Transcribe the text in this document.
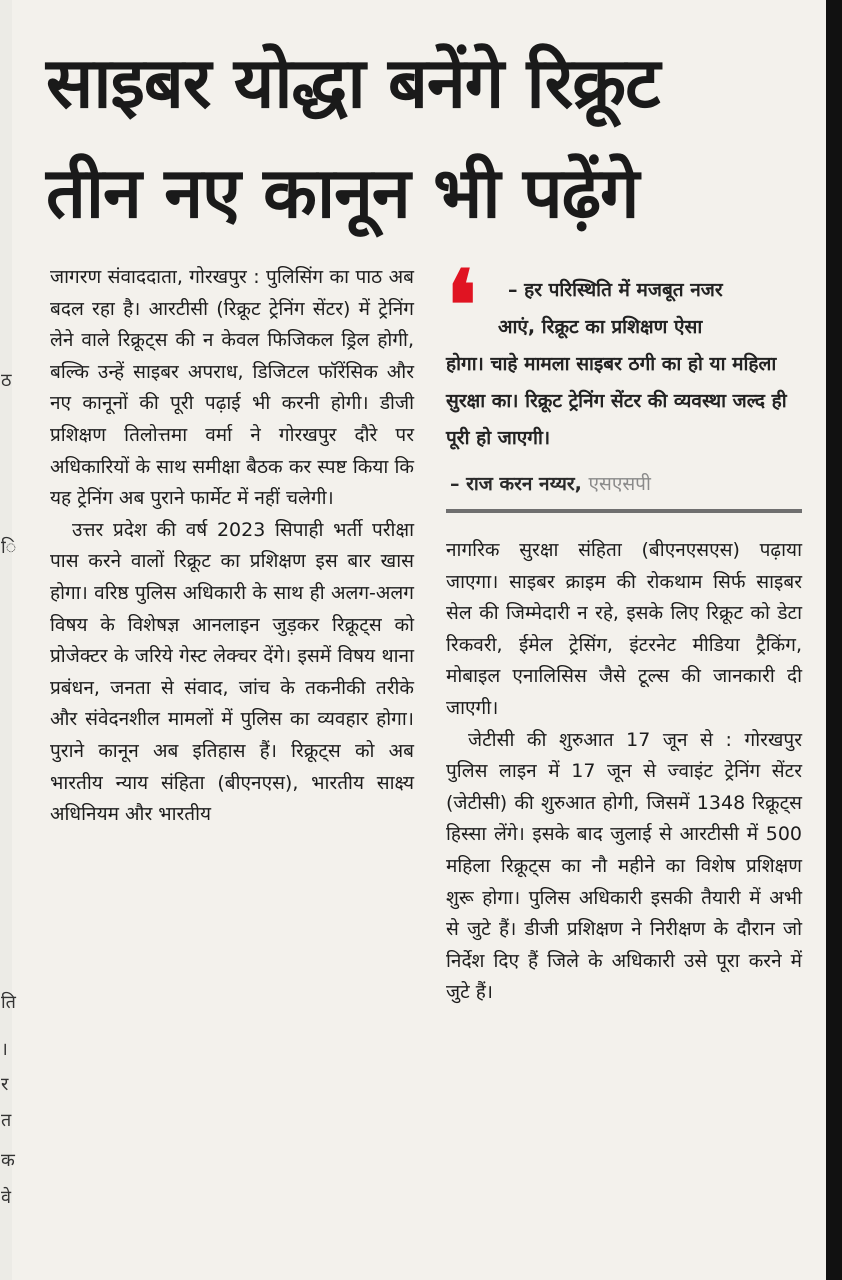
ठ
ि
ति
।
र
त
क
वे
साइबर योद्धा बनेंगे रिक्रूट
तीन नए कानून भी पढ़ेंगे

जागरण संवाददाता, गोरखपुर : पुलिसिंग का पाठ अब बदल रहा है। आरटीसी (रिक्रूट ट्रेनिंग सेंटर) में ट्रेनिंग लेने वाले रिक्रूट्स की न केवल फिजिकल ड्रिल होगी, बल्कि उन्हें साइबर अपराध, डिजिटल फॉरेंसिक और नए कानूनों की पूरी पढ़ाई भी करनी होगी। डीजी प्रशिक्षण तिलोत्तमा वर्मा ने गोरखपुर दौरे पर अधिकारियों के साथ समीक्षा बैठक कर स्पष्ट किया कि यह ट्रेनिंग अब पुराने फार्मेट में नहीं चलेगी।

उत्तर प्रदेश की वर्ष 2023 सिपाही भर्ती परीक्षा पास करने वालों रिक्रूट का प्रशिक्षण इस बार खास होगा। वरिष्ठ पुलिस अधिकारी के साथ ही अलग-अलग विषय के विशेषज्ञ आनलाइन जुड़कर रिक्रूट्स को प्रोजेक्टर के जरिये गेस्ट लेक्चर देंगे। इसमें विषय थाना प्रबंधन, जनता से संवाद, जांच के तकनीकी तरीके और संवेदनशील मामलों में पुलिस का व्यवहार होगा। पुराने कानून अब इतिहास हैं। रिक्रूट्स को अब भारतीय न्याय संहिता (बीएनएस), भारतीय साक्ष्य अधिनियम और भारतीय

❛	– हर परिस्थिति में मजबूत नजर
आएं, रिक्रूट का प्रशिक्षण ऐसा
होगा। चाहे मामला साइबर ठगी का हो या महिला सुरक्षा का। रिक्रूट ट्रेनिंग सेंटर की व्यवस्था जल्द ही पूरी हो जाएगी।
– राज करन नय्यर, एसएसपी

नागरिक सुरक्षा संहिता (बीएनएसएस) पढ़ाया जाएगा। साइबर क्राइम की रोकथाम सिर्फ साइबर सेल की जिम्मेदारी न रहे, इसके लिए रिक्रूट को डेटा रिकवरी, ईमेल ट्रेसिंग, इंटरनेट मीडिया ट्रैकिंग, मोबाइल एनालिसिस जैसे टूल्स की जानकारी दी जाएगी।

जेटीसी की शुरुआत 17 जून से : गोरखपुर पुलिस लाइन में 17 जून से ज्वाइंट ट्रेनिंग सेंटर (जेटीसी) की शुरुआत होगी, जिसमें 1348 रिक्रूट्स हिस्सा लेंगे। इसके बाद जुलाई से आरटीसी में 500 महिला रिक्रूट्स का नौ महीने का विशेष प्रशिक्षण शुरू होगा। पुलिस अधिकारी इसकी तैयारी में अभी से जुटे हैं। डीजी प्रशिक्षण ने निरीक्षण के दौरान जो निर्देश दिए हैं जिले के अधिकारी उसे पूरा करने में जुटे हैं।
